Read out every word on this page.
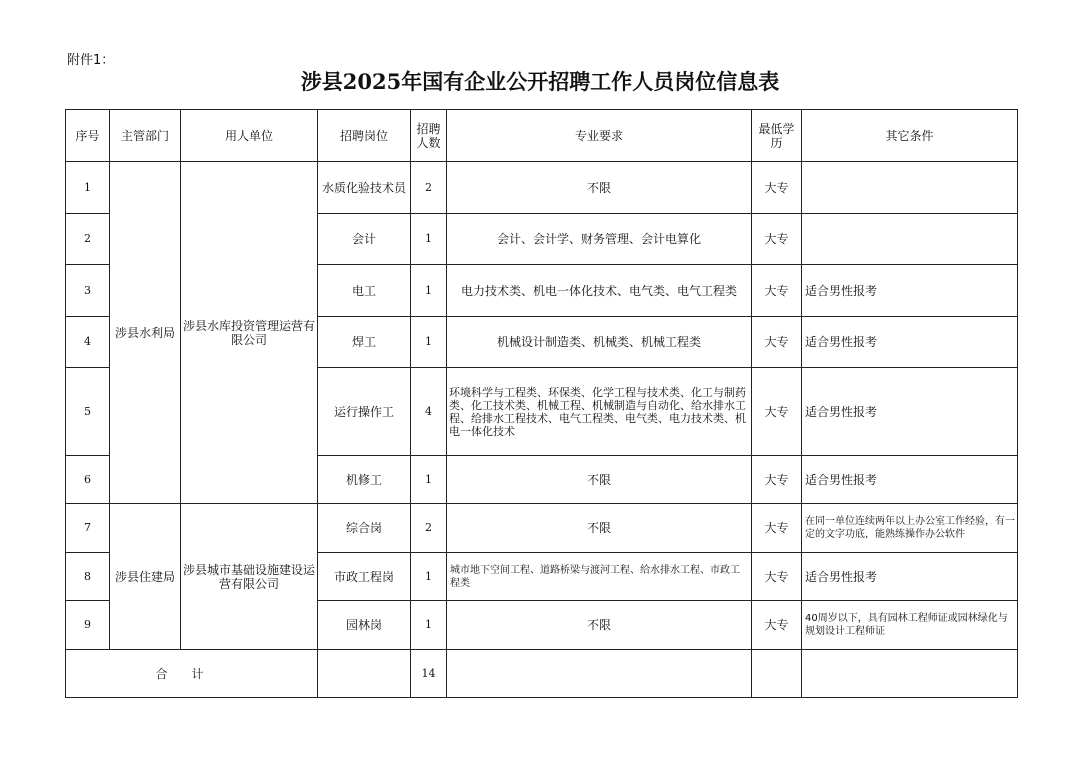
附件1：
涉县2025年国有企业公开招聘工作人员岗位信息表
序号	主管部门	用人单位	招聘岗位	招聘人数	专业要求	最低学历	其它条件
1	涉县水利局	涉县水库投资管理运营有限公司	水质化验技术员	2	不限	大专	
2			会计	1	会计、会计学、财务管理、会计电算化	大专	
3			电工	1	电力技术类、机电一体化技术、电气类、电气工程类	大专	适合男性报考
4			焊工	1	机械设计制造类、机械类、机械工程类	大专	适合男性报考
5			运行操作工	4	环境科学与工程类、环保类、化学工程与技术类、化工与制药类、化工技术类、机械工程、机械制造与自动化、给水排水工程、给排水工程技术、电气工程类、电气类、电力技术类、机电一体化技术	大专	适合男性报考
6			机修工	1	不限	大专	适合男性报考
7	涉县住建局	涉县城市基础设施建设运营有限公司	综合岗	2	不限	大专	在同一单位连续两年以上办公室工作经验，有一定的文字功底，能熟练操作办公软件
8			市政工程岗	1	城市地下空间工程、道路桥梁与渡河工程、给水排水工程、市政工程类	大专	适合男性报考
9			园林岗	1	不限	大专	40周岁以下，具有园林工程师证或园林绿化与规划设计工程师证
合计				14			
